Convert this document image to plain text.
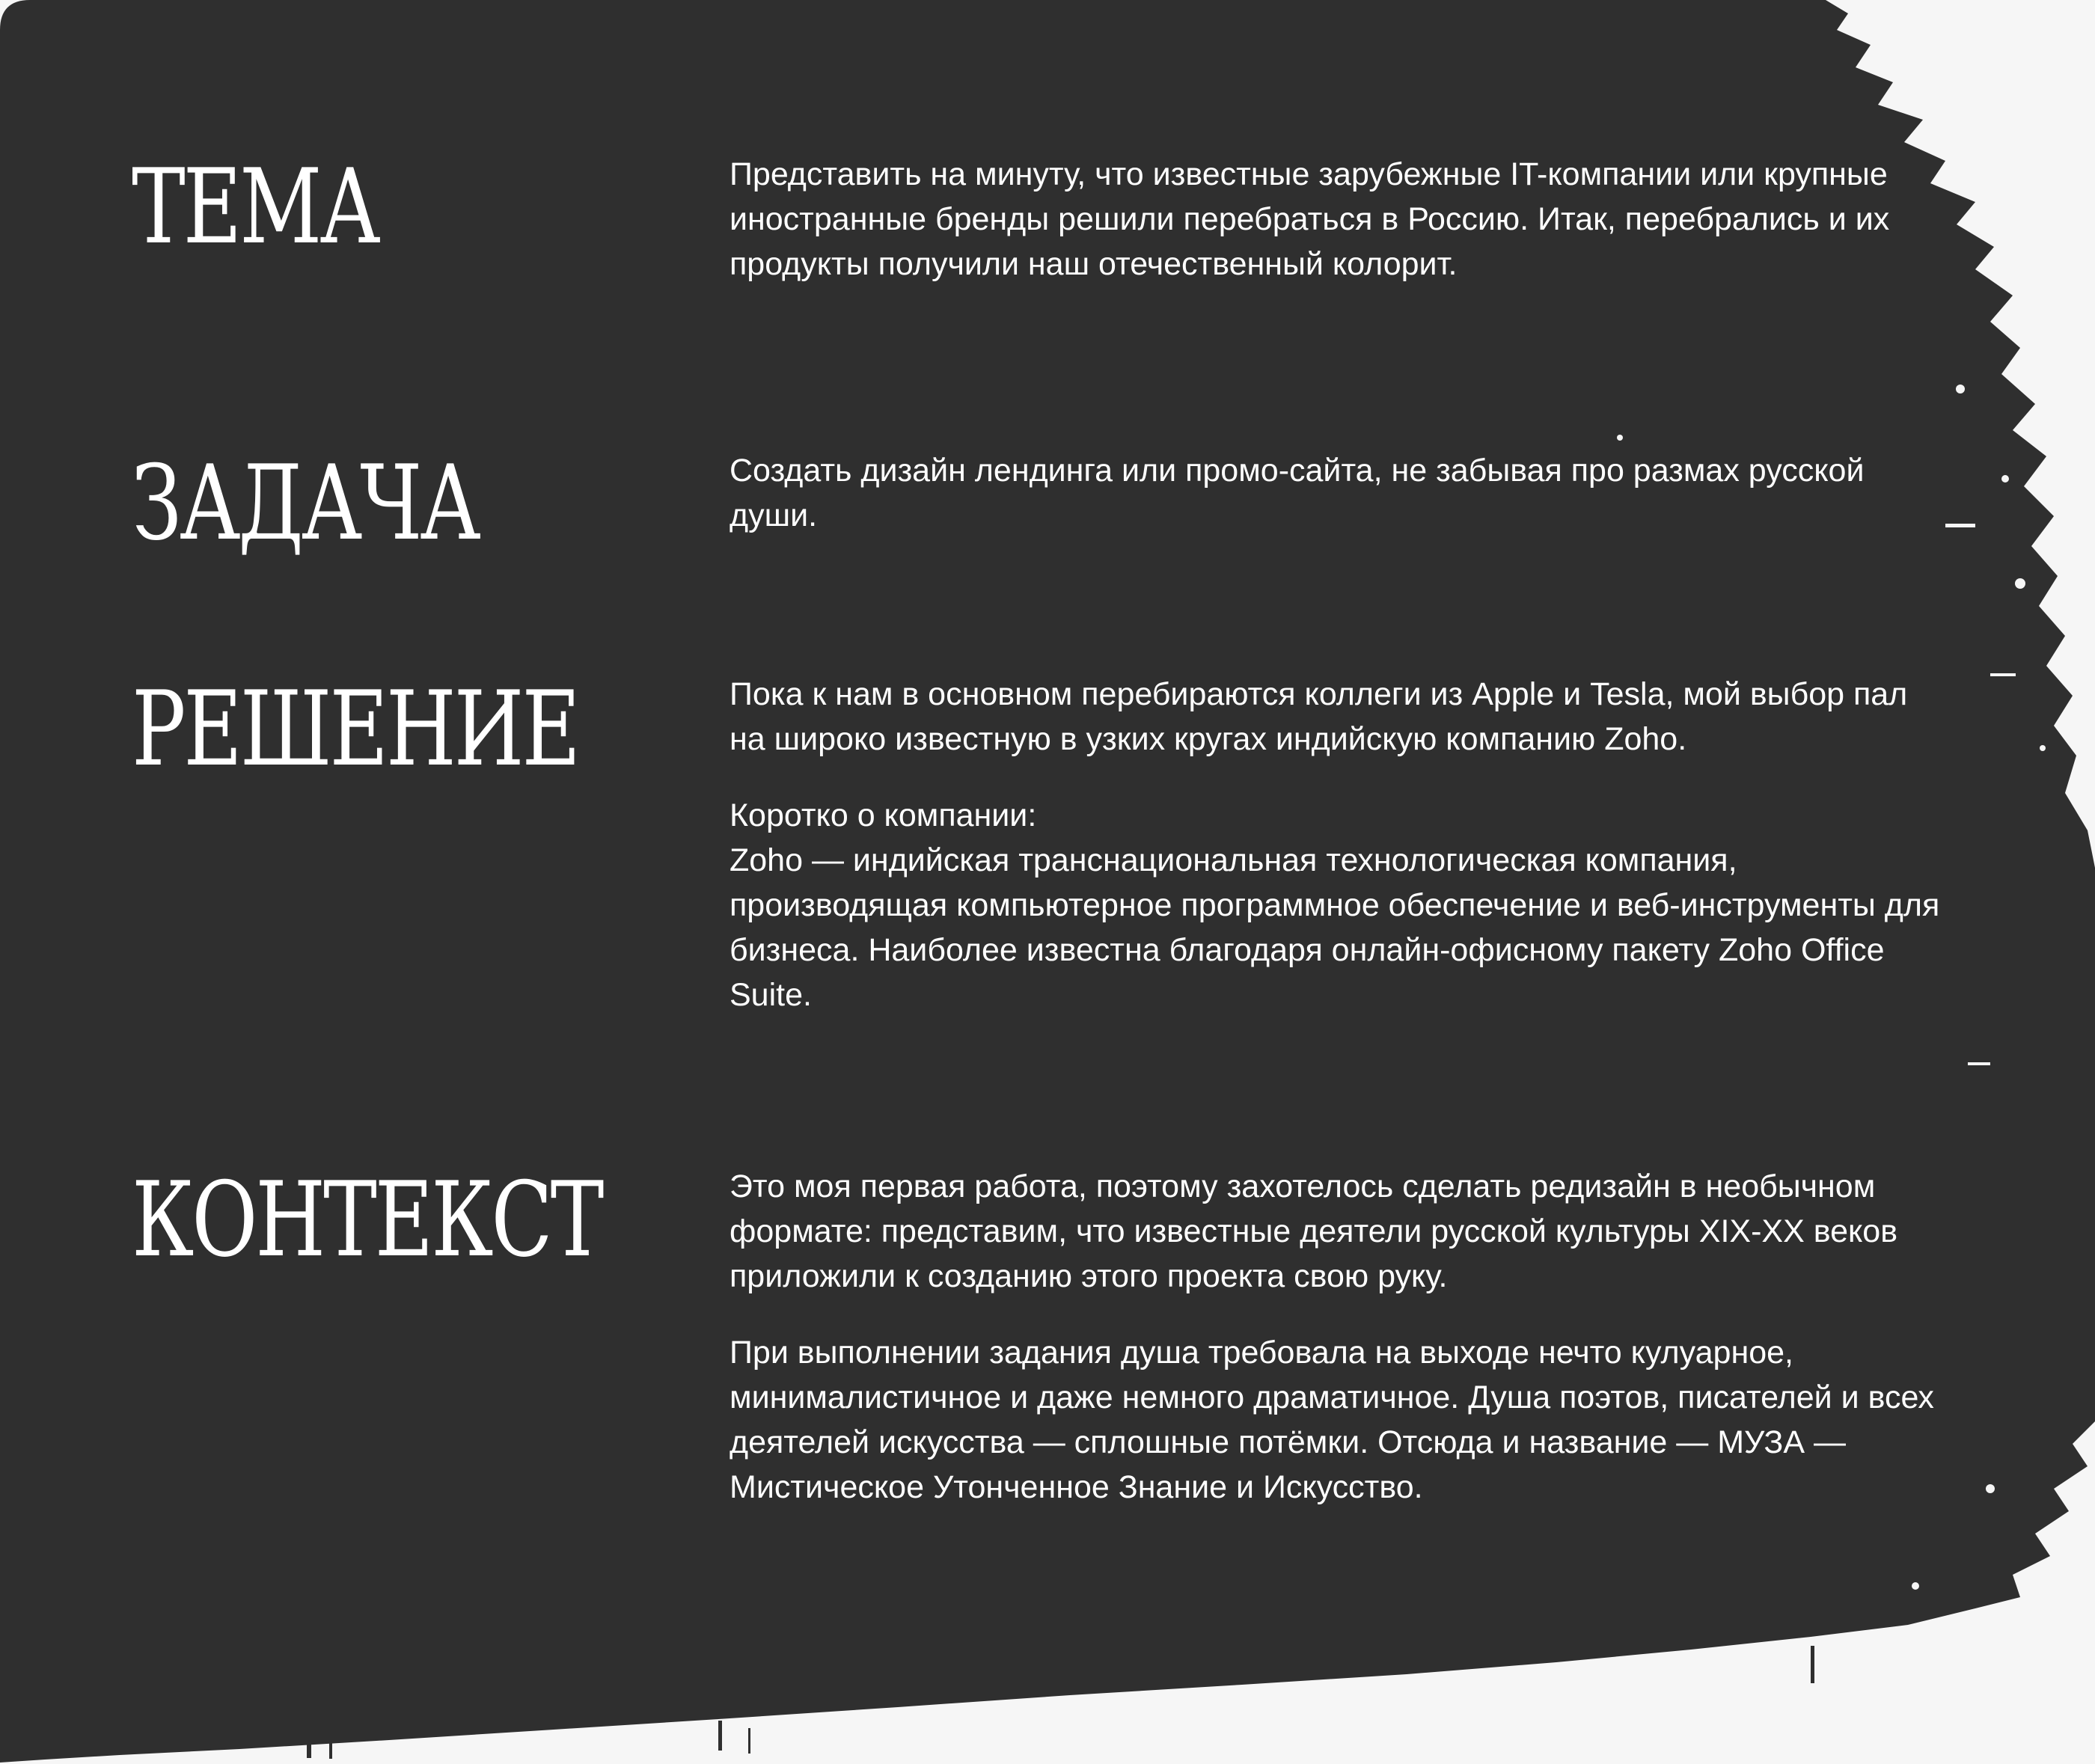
ТЕМА	Представить на минуту, что известные зарубежные IT-компании или крупные иностранные бренды решили перебраться в Россию. Итак, перебрались и их продукты получили наш отечественный колорит.

ЗАДАЧА	Создать дизайн лендинга или промо-сайта, не забывая про размах русской души.

РЕШЕНИЕ	Пока к нам в основном перебираются коллеги из Apple и Tesla, мой выбор пал на широко известную в узких кругах индийскую компанию Zoho.

Коротко о компании:
Zoho — индийская транснациональная технологическая компания, производящая компьютерное программное обеспечение и веб-инструменты для бизнеса. Наиболее известна благодаря онлайн-офисному пакету Zoho Office Suite.

КОНТЕКСТ	Это моя первая работа, поэтому захотелось сделать редизайн в необычном формате: представим, что известные деятели русской культуры XIX-XX веков приложили к созданию этого проекта свою руку.

При выполнении задания душа требовала на выходе нечто кулуарное, минималистичное и даже немного драматичное. Душа поэтов, писателей и всех деятелей искусства — сплошные потёмки. Отсюда и название — МУЗА — Мистическое Утонченное Знание и Искусство.
